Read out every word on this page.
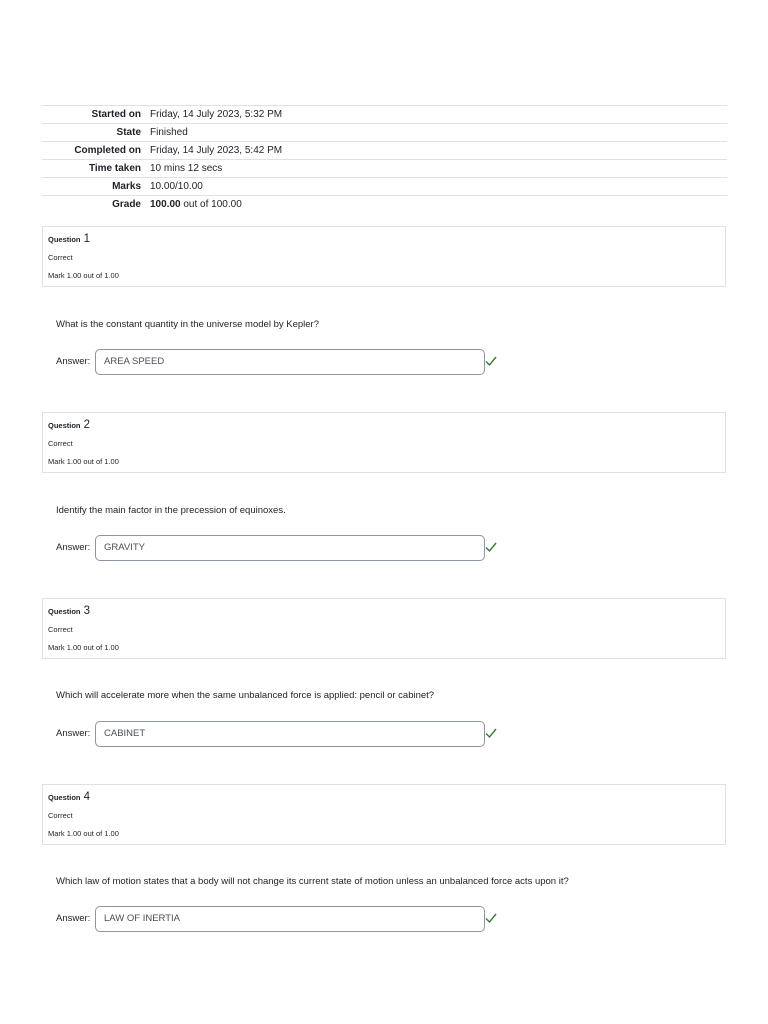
Started on	Friday, 14 July 2023, 5:32 PM
State	Finished
Completed on	Friday, 14 July 2023, 5:42 PM
Time taken	10 mins 12 secs
Marks	10.00/10.00
Grade	100.00 out of 100.00
Question 1
Correct
Mark 1.00 out of 1.00
What is the constant quantity in the universe model by Kepler?
Answer:	AREA SPEED
Question 2
Correct
Mark 1.00 out of 1.00
Identify the main factor in the precession of equinoxes.
Answer:	GRAVITY
Question 3
Correct
Mark 1.00 out of 1.00
Which will accelerate more when the same unbalanced force is applied: pencil or cabinet?
Answer:	CABINET
Question 4
Correct
Mark 1.00 out of 1.00
Which law of motion states that a body will not change its current state of motion unless an unbalanced force acts upon it?
Answer:	LAW OF INERTIA
